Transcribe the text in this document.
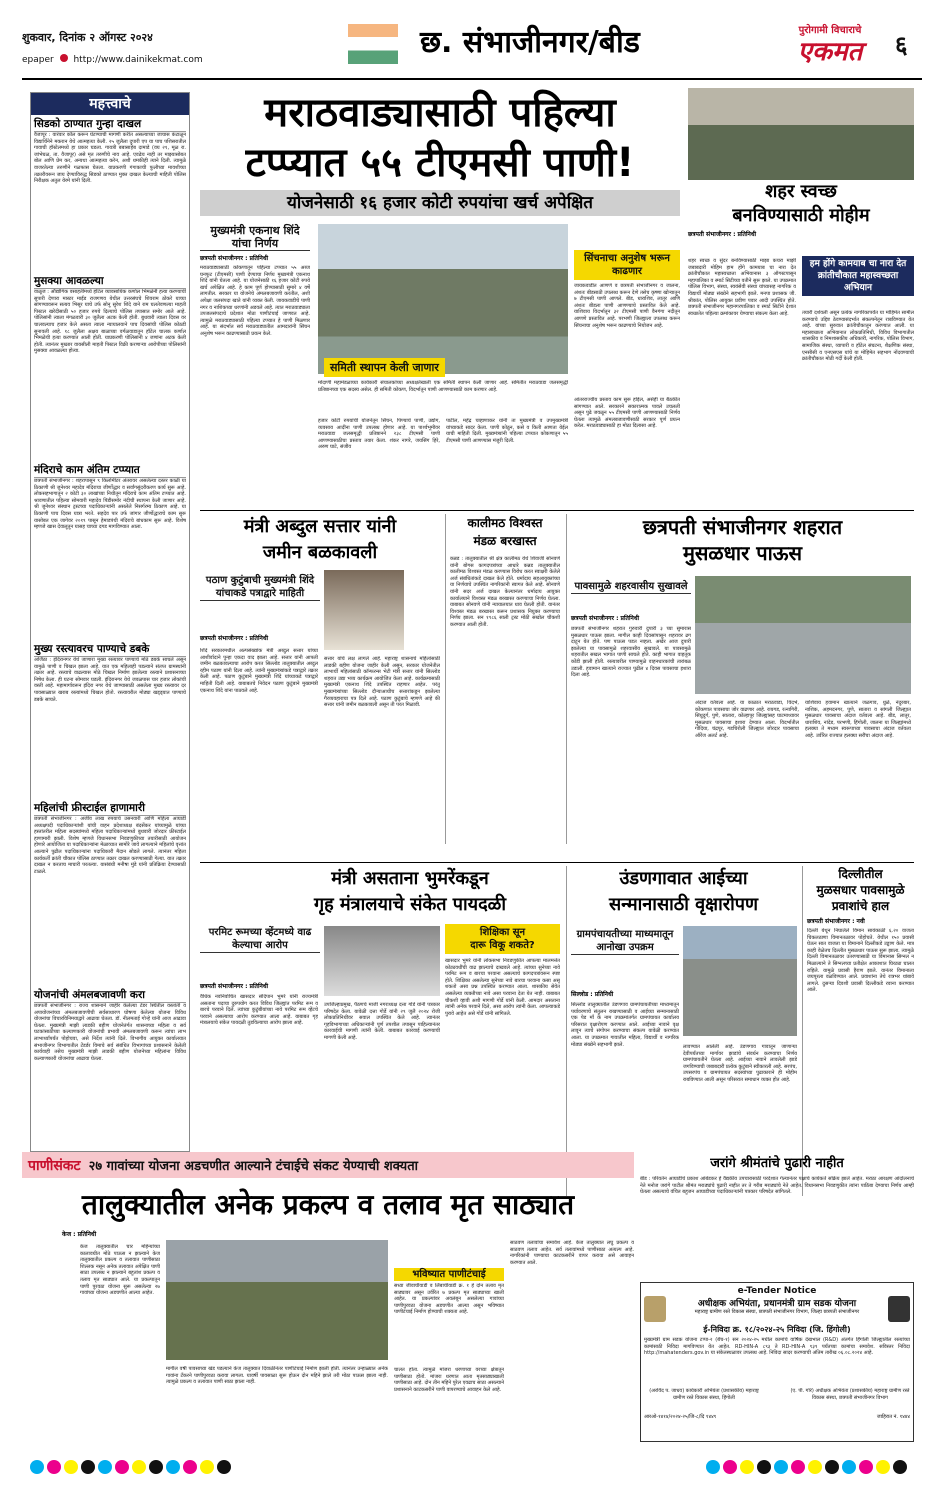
शुकवार, दिनांक २ ऑगस्ट २०२४
epaper http://www.dainikekmat.com	छ. संभाजीनगर/बीड	पुरोगामी विचाराचे
एकमत	६
महत्त्वाचे
सिडको ठाण्यात गुन्हा दाखल
वैजापूर : वारंवार कॉल करून घेटण्याची मागणी करीत असल्याच्या जाचास कंटाळून विद्यार्थिनेने मकरान येथे आत्महत्या केली. २५ जुलैला दुपारी एप या पाच पशिसरातील गावाची हॉस्टेलमध्ये हा प्रकार घडला. गायत्री बबासाहेब दामाडे (वय २१, मूळ रा. जांभेघळ, ता. वैजापूर) असे मृत तरुणीचे नाव आहे. एवढेच नाही तर माझ्यासोबत बोल आणि प्रेम कर, अन्यथा आत्महत्या करेन, अशी धमकीही त्याने दिली. त्यामुळे वाजरतेल्या तरुणीने गळफास घेतला. याप्रकरणी गंगाकाची फुलीच्या मावशीच्या तक्रारीवरून जाय देण्याविरुद्ध सिडको ठाण्यात मुक्त दाखल केल्याची माहिती पोलिस निरीक्षक अतुल येरमे यांनी दिली.
मुसक्या आवळल्या
वाळूज : औद्योगिक वसाहतीमध्ये हॉटेल व्यावसायिक कर्णाल भिमळेनी हत्या करण्याची सुपारी देणारा मास्टर माईंड राजगणव येथील उत्तरसंघचे शिवराम ठोकरे याच्या सांगण्यावरून सत्यव भिसूर याचे उर्फ सोनू सुरेश शिंदे याने राम घलतेवणल्या माहती पिस्टल खरेदीसाठी ५० हजार रुपये दिल्याचे पोलिस तपासात समोर आले आहे. पोलिसांनी त्याला मंगळवारी ३० जुलैला अटक केली होती. बुधवारी त्याला दिवस वर चालवल्याच हजार केले असता त्याला न्यायालयाने पाच दिवसांची पोलिस कोठडी सुनावली आहे. १८ जुलैला अक्षय बाळाच्या वर्गळवाडातुन हॉटेल चालक कर्णाल भिमळेची हत्या करण्यात आली होती. याप्रकरणी पोलिसांनी ४ जणांना अटक केली होती. त्यानंतर मुख्तार वायसीली माहती पिस्टल विक्री करणाऱ्या आरोपीच्या पोलिसांनी मुसक्या आवळल्या होत्या.
मंदिराचे काम अंतिम टप्प्यात
छत्रपती संभाजीनगर : शहरापासून ९ किलोमीटर अंतरावर असलेल्या दस्तर काळी या ठिकाणी श्री जुनेश्वर महादेव मंदिराचा जीर्णोद्धार व सर्वांगसुंदरीकरण कार्य सुरू आहे. लोकसहभागातून २ कोटी ३० लाखांच्या निधीतून मंदिराचे काम अंतिम टप्प्यात आहे. श्रावणातील पहिल्या सोमवारी महादेव पिंडीसमोर नंदीची स्थापना केली जाणार आहे. श्री जुनेश्वर संस्थान ट्रस्टच्या पदाधिकाऱ्यांनी असलेले निसर्गरम्य ठिकाण आहे. या ठिकाणी पाच दिवस यात्रा भरते. सहदेव पार उर्फ जांगार जीर्णोद्धाराचे काम सुरू यासोबत एक जागेवर २०१९ पासून हेमाडपंथी मंदिराचे बांधकाम सुरू आहे. विशेष म्हणजे खास देवालूतून यासह चाच्या दगड मागविण्यात आला.
मुख्य रस्त्यावरच पाण्याचे डबके
अजिंठा : इंदिरानगर येथे जाणारा मुख्य रस्त्यावर पाण्याचे मोठे डबके साचले असून यामुळे पाणी व चिखल झाला आहे. यात एक महिलाही पडल्याने संतप्त ग्रामस्थांनी तक्रार आहे. रस्त्याचे वाढल्यास मोठे चिखल निर्माण झालेल्या रस्त्याने प्रशासनाच्या निषेध केला. ही घटना सोमवार घडली. इंदिरानगर येथे जवळपास चार हजार लोकांची वस्ती आहे. महामार्गावरून इंदिरा नगर येथे जाण्यासाठी असलेला मुख्य रस्त्यावर दर पावसाळ्यात खराब रस्त्यांमध्ये चिखल होतो. रस्त्यावरील मोठ्या खड्ड्यात पाण्याचे डबके साचते.
महिलांची फ्रीस्टाईल हाणामारी
छत्रपती संभाजीनगर : अजीव लाख रुपयाचे उसनवारी आणि महिला आघाडी अध्यक्षपदी पदाधिकाऱ्यांशी यांची वाहन प्रदेशाध्यक्ष बंदसेंकर यांच्यामुळे यांच्या हस्तांतरील महिला सदस्यांमध्ये महिला पदाधिकाऱ्यांमध्ये बुधवारी जोरदार फ्रीस्टाईल हाणामारी झाली. विशेष म्हणजे विधानसभा निवडणुकीच्या तयारीसाठी आयोजन होणारे आयोजिता या पदाधिकाऱ्यांना मेळाव्यात सामोरे जावे लागल्याने महिलांचे वृत्तांत आल्याने पुढील पदाधिकाऱ्यांना पदाधिकारी मैदान सोडले लागले. त्यानंतर महिला कार्यकर्ती क्रांती चौकात पोलिस ठाण्यात तक्रार दाखल करण्यासाठी गेल्या. यात तक्रार दाखल न करताच माघारी परतल्या. यासंबंधी मनीषा मुंडे यांनी प्रतिक्रिया देण्यासाठी टाळले.
योजनांची अंमलबजावणी करा
छत्रपती संभाजीनगर : राज्य शासनाने जाहीर केलेल्या टेंडर स्थितील वस्तांती व अपायोजनांच्या अंमलबजावणीची सर्वसाधारण घोषणा केलेल्या योजना विविध योजनांचा विचारविनिमयाद्वारे आढावा घेतला. डॉ. नीलमताई गोऱ्हे यांनी आज आढावा घेतला. मुख्यमंत्री माझी लाडकी बहीण योजनेतंर्गत शासनाच्या महिला व सर्व घटकांसाठीच्या कल्याणकारी योजनांची प्रभावी अंमलबजावणी करून त्यांचा लाभ लाभार्थ्यांपर्यंत पोहोचवा, असे निर्देश त्यांनी दिले. विभागीय आयुक्त कार्यालयात संभाजीनगर विभागातील टेंडर्डर विमाचे सर्व संबंधित विभागांच्या प्रशासनाने केलेली कार्यवाही तसेच मुख्यमंत्री माझी लाडकी बहीण योजनेच्या महिलांना विविध कल्याणकारी योजनांचा आढावा घेतला.
मराठवाड्यासाठी पहिल्या
टप्प्यात ५५ टीएमसी पाणी!
योजनेसाठी १६ हजार कोटी रुपयांचा खर्च अपेक्षित
मुख्यमंत्री एकनाथ शिंदे यांचा निर्णय
छत्रपती संभाजीनगर : प्रतिनिधी
मराठवाड्यासाठी कोकणातून पहिल्या टप्प्यात ५५ अब्ज घनफूट (टीएमसी) पाणी देण्याचा निर्णय मुख्यमंत्री एकनाथ शिंदे यांनी घेतला आहे. या योजनेसाठी १६ हजार कोटी रुपये खर्च अपेक्षित आहे. हे काम पूर्ण होण्यासाठी सुमारे ४ वर्षे लागतील. सरकार या योजनेचे अंमलबजावणी करतील, अशी अपेक्षा जलसंपदा खाते यांनी व्यक्त केली. जायकवाडीचे पाणी नगर व नाशिकच्या धरणांनी अडवले आहे. त्यात मराठवाड्याला उपजलसंपदाचे प्रदेशात मोठा पाणीटंचाई जाणवत आहे. त्यामुळे मराठवाड्यासाठी पहिल्या टप्प्यात हे पाणी मिळणार आहे. या संदर्भात सर्व मराठवाड्यातील आमदारांनी सिंचन अनुशेष भरून काढण्यासाठी प्रयत्न केले.
समिती स्थापन केली जाणार
मोदाणी महामंडळाच्या कार्यकारी संचालकांच्या अध्यक्षतेखाली एक समिती स्थापन केली जाणार आहे. समितीत मराठवाडा जलसमृद्धी प्रतिष्ठानच्या एक सदस्य असेल. ही समिती कोकण, विदर्भातून पाणी आणण्यासाठी काम करणार आहे.
हजार कोटी रुपयांची योजनेतून सिंचन, पिण्याचे पाणी, उद्योग, व्यवसाय आदींना पाणी उपलब्ध होणार आहे. या पार्श्वभूमीवर मराठवाडा जलसमृद्धी प्रतिष्ठानने २३८ टीएमसी पाणी आणण्यासाठीचा प्रस्ताव तयार केला. शंकर नागरे, जयसिंग हिरे, अरुण घाटे, संजीव
पाटील, महेंद्र चव्हाणाकर यांनी ता मुख्यमंत्री व उपमुख्यमंत्री यांच्याकडे सादर केला. पाणी कोठून, कसे व किती आणता येईल याची माहिती दिली. मुख्यमंत्र्यांनी पहिल्या टप्प्यात कोकणातून ५५ टीएमसी पाणी आणण्यास मंजुरी दिली.
सिंचनाचा अनुशेष भरून काढणार
जायकवाडीत आणणे व छत्रपती संभाजीनगर व जालना, अंशतः बीडसाठी उपलब्ध करून देणे तसेच कृष्णा खोऱ्यातून ७ टीएमसी पाणी आणले. बीड, धाराशिव, लातूर आणि अंशतः बीडला पाणी आणण्याचे प्रस्तावित केले आहे. याशिवाय विदर्भातून ३२ टीएमसी पाणी वैनगंगा नदीतून आणणे प्रस्तावित आहे. परभणी जिल्ह्याला उपलब्ध करून सिंचनाचा अनुशेष भरून काढण्याचे नियोजन आहे.
आंतरराज्यीय प्रस्ताव काम सुरू होईल, असेही या बैठकीत सांगण्यात आले. सरकारने सकारात्मक पावले उचलली असून पुढे जवळून ५५ टीएमसी पाणी आणण्यासाठी निर्णय घेतला त्यामुळे अंमलबजावणीसाठी सरकार पूर्ण प्रयत्न करेल. मराठवाड्यासाठी हा मोठा दिलासा आहे.
शहर स्वच्छ
बनविण्यासाठी मोहीम
छत्रपती संभाजीनगर : प्रतिनिधी
शहर स्वच्छ व सुंदर बनविण्यासाठी माझा कचरा माझी जबाबदारी मोहिम हाम होंगे कामयाब चा नारा देत क्रांतीचौकात महास्वच्छता अभियानास ३ ऑगस्टपासून महापालिका व स्मार्ट सिटीच्या वतीने सुरू झाले. या उपक्रमात पोलिस विभाग, संस्था, स्वयंसेवी संस्था यांच्यासह नागरिक व विद्यार्थी मोठ्या संख्येने सहभागी झाले. मनपा प्रशासक जी. श्रीकांत, पोलिस आयुक्त प्रवीण पवार आदी उपस्थित होते. छत्रपती संभाजीनगर महानगरपालिका व स्मार्ट सिटीने देशात स्वच्छतेत पहिल्या क्रमांकावर येण्याचा संकल्प केला आहे.
हम होंगे कामयाब चा नारा देत क्रांतीचौकात महास्वच्छता अभियान
तयारी दर्शवली असून प्रत्येक नागरिकापर्यंत या मोहिमेत सामील करण्याचे उद्दिष्ट ठेवण्यासंदर्भात संकल्पनेतून राबविण्यात येत आहे. यांच्या सुरुवात क्रांतीचौकातून करण्यात आली. या महास्वच्छता अभियानात लोकप्रतिनिधी, विविध विभागातील शासकीय व निमशासकीय अधिकारी, नागरिक, पोलिस विभाग, सामाजिक संस्था, व्यापारी व हॉटेल संघटना, शैक्षणिक संस्था, एनसीसी व एनएसएस यांचे या मोहिमेत सहभाग नोंदवण्याची क्रांतीचौकात मोठी गर्दी केली होती.
मंत्री अब्दुल सत्तार यांनी
जमीन बळकावली
पठाण कुटुंबाची मुख्यमंत्री शिंदे यांचाकडे पत्राद्वारे माहिती
छत्रपती संभाजीनगर : प्रतिनिधी
शिंदे सरकारमधील अल्पसंख्यांक मंत्री अब्दुल सत्तार यांच्या आशीर्वादाने पुन्हा एकदा वाद झाला आहे. सत्तार यांनी आपली जमीन बळकावल्याचा आरोप करत सिल्लोड तालुक्यातील अब्दुल रहीम पठाण यांनी दिला आहे. त्यांनी मुख्यमंत्र्यांकडे पत्राद्वारे तक्रार केली आहे. पठाण कुटुंबाने मुख्यमंत्री शिंदे यांच्याकडे पत्राद्वारे माहिती दिली आहे. याबाबतचे निवेदन पठाण कुटुंबाने मुख्यमंत्री एकनाथ शिंदे यांना पाठवले आहे.
सत्तार यांचे लक्ष लागले आहे. महाराष्ट्र शासनाचे महिलांसाठी लाडकी बहीण योजना जाहीर केली असून, सरकार योजनेतील लाभार्थी महिलांसाठी कॉन्फरन्स भेटी मंत्री सत्तार यांनी सिल्लोड शहरात उद्या भव्य कार्यक्रम आयोजित केला आहे. कार्यक्रमासाठी मुख्यमंत्री एकनाथ शिंदे उपस्थित राहणार आहेत. परंतु मुख्यमंत्र्यांच्या सिल्लोड दौऱ्याआधीच सत्तारांकडून झालेल्या गैरव्यवहाराचा पत्र दिले आहे. पठाण कुटुंबाचे म्हणणे आहे की सत्तार यांनी जमीन बळकावली असून ती परत मिळावी.
कालीमठ विश्वस्त
मंडळ बरखास्त
कन्नड : तालुक्यातील श्री क्षेत्र कालीमठ येथे शिवाजी सोनवणे यांनी बोगस कागदपत्रांच्या आधारे कन्नड तालुक्यातील कालीमठ विश्वस्त मंडळ करण्यास विरोध करत स्वाक्षरी केलेले अर्ज संबंधितांकडे दाखल केले होते. धर्मादाय सहआयुक्तांच्या या निर्णयाचे उपस्थित नागरिकांनी स्वागत केले आहे. सोनवणे यांनी सदर अर्ज दाखल केल्यानंतर धर्मादाय आयुक्त कार्यालयाने विश्वस्त मंडळ बरखास्त करण्याचा निर्णय घेतला. याबाबत सोनवणे यांनी न्यायालयात धाव घेतली होती. यानंतर विश्वस्त मंडळ बरखास्त करून प्रशासक नियुक्त करण्याचा निर्णय झाला. सन १९८६ साली ट्रस्ट मोठी सखोल चौकशी करण्यात आली होती.
छत्रपती संभाजीनगर शहरात
मुसळधार पाऊस
पावसामुळे शहरवासीय सुखावले
छत्रपती संभाजीनगर : प्रतिनिधी
छत्रपती संभाजीनगर शहरात गुरुवारी दुपारी ३ च्या सुमारास मुसळधार पाऊस झाला. मागील काही दिवसांपासून शहरावर ढग दाटून येत होते. पण पाऊस पडत नव्हता. अखेर आज दुपारी झालेल्या या पावसामुळे शहरवासीय सुखावले. या पावसामुळे शहरातील सखल भागात पाणी साचले होते. काही भागात वाहतूक कोंडी झाली होती. रस्त्यावरील पाण्यामुळे वाहनधारकांची तारांबळ उडाली. हवामान खात्याने राज्यात पुढील ४ दिवस पावसाचा इशारा दिला आहे.
अंदाज वर्तवला आहे. या काळात मराठवाडा, विदर्भ, कोंकणात पावसाचा जोर वाढणार आहे. रायगड, रत्नागिरी, सिंधुदुर्ग, पुणे, सातारा, कोल्हापूर जिल्ह्यांसह घाटमाथ्यावर मुसळधार पावसाचा इशारा देण्यात आला. विदर्भातील गोंदिया, चंद्रपूर, गडचिरोली जिल्ह्यात जोरदार पावसाचा ऑरेंज अलर्ट आहे.
याशिवाय हवामान खात्याने जळगाव, धुळे, नंदुरबार, नाशिक, अहमदनगर, पुणे, सातारा व सांगली जिल्ह्यात मुसळधार पावसाचा अंदाज वर्तवला आहे. बीड, लातूर, धाराशिव, नांदेड, परभणी, हिंगोली, जालना या जिल्ह्यांमध्ये हलक्या ते मध्यम स्वरूपाच्या पावसाचा अंदाज वर्तवला आहे. उर्वरित राज्यात हलक्या सरींचा अंदाज आहे.
मंत्री असताना भुमरेंकडून
गृह मंत्रालयाचे संकेत पायदळी
परमिट रूमच्या व्हेंटमध्ये वाढ केल्याचा आरोप
छत्रपती संभाजीनगर : प्रतिनिधी
वैधिक नवनिर्वाचित खासदार संदिपान भुमरे यांनी राज्यमंत्री असताना पदाचा दुरुपयोग करत विविध जिल्ह्यांत परमिट रूम व बारचे परवाने दिले. त्यांच्या कुटुंबीयांच्या नावे परमिट रूम व्हेंटचे परवाने असल्याचा आरोप करण्यात आला आहे. याबाबत गृह मंत्रालयाचे संकेत पायदळी तुडविल्याचा आरोप झाला आहे.
उपजिल्हाप्रमुख, पैठणचे माजी नगराध्यक्ष दत्ता गोर्डे यांनी पत्रकार परिषदेत केला. यावेळी दत्ता गोर्डे यांनी २९ जुलै २०२४ रोजी लोकप्रतिनिधींवर सवाल उपस्थित केले आहे. त्यानंतर गृहविभागाच्या अधिकाऱ्यांनी पूर्ण तपशील तपासून पाहिल्यानंतर कारवाईची मागणी त्यांनी केली. याबाबत कारवाई करण्याची मागणी केली आहे.
शिक्षिका सून
दारू विकू शकते?
खासदार भुमरे यांनी लोकसभा निवडणुकीत आपल्या मालमत्तेत कोट्यवधींची वाढ झाल्याचे दाखवले आहे. त्यांच्या सुनेच्या नावे परमिट रूम व बारचा परवाना असल्याचे कागदपत्रांवरून स्पष्ट होते. शिक्षिका असलेल्या सुनेच्या नावे बारचा परवाना कसा असू शकतो असा प्रश्न उपस्थित करण्यात आला. शासकीय सेवेत असलेल्या व्यक्तीच्या नावे असा परवाना देता येत नाही. याबाबत चौकशी व्हावी अशी मागणी गोर्डे यांनी केली. आमदार असताना त्यांनी अनेक परवाने दिले, असा आरोप त्यांनी केला. आपल्याकडे पुरावे आहेत असे गोर्डे यांनी सांगितले.
उंडणगावात आईच्या
सन्मानासाठी वृक्षारोपण
ग्रामपंचायतीच्या माध्यमातून आनोखा उपक्रम
सिल्लोड : प्रतिनिधी
सिल्लोड तालुक्यातील उंडणगाव ग्रामपंचायतीच्या माध्यमातून पर्यावरणाचे संतुलन राखण्यासाठी व आईच्या सन्मानासाठी एक पेड माँ के नाम उपक्रमांतर्गत ग्रामपंचायत कार्यालय परिसरात वृक्षारोपण करण्यात आले. आईच्या नावाने वृक्ष लावून त्याचे संगोपन करण्याचा संकल्प यावेळी करण्यात आला. या उपक्रमात गावातील महिला, विद्यार्थी व नागरिक मोठ्या संख्येने सहभागी झाले.	लावण्यात आलेली आहे. उंडणगाव गावातून जाणाऱ्या देवीपर्यंतच्या मार्गावर झाडांचे संवर्धन करण्याचा निर्णय ग्रामपंचायतीने घेतला आहे. आईच्या नावाने लावलेली झाडे जगविण्याची जबाबदारी प्रत्येक कुटुंबाने स्वीकारली आहे. सरपंच, उपसरपंच व ग्रामपंचायत सदस्यांच्या पुढाकाराने ही मोहीम राबविण्यात आली असून परिसरात समाधान व्यक्त होत आहे.
दिल्लीतील
मुळसधार पावसामुळे
प्रवाशांचे हाल
छत्रपती संभाजीनगर : नवी
दिल्ली येथून निघालेले विमान सायंकाळी ६.२० वाजता चिकलठाणा विमानतळावर पोहोचते. येथील १५० प्रवासी घेऊन सात वाजता या विमानाने दिल्लीकडे उड्डाण केले. मात्र काही वेळेतच दिल्लीत मुसळधार पाऊस सुरू झाला. त्यामुळे दिल्ली विमानतळावर उतरण्यासाठी या विमानास सिग्नल न मिळाल्याने ते सिग्नलच्या प्रतीक्षेत आकाशात घिरट्या घालत राहिले. यामुळे प्रवासी हैराण झाले. यानंतर विमानाला जयपूरला वळविण्यात आले. प्रवाशांना तेथे रात्रभर थांबावे लागले. दुसऱ्या दिवशी प्रवासी दिल्लीकडे रवाना करण्यात आले.
पाणीसंकट २७ गावांच्या योजना अडचणीत आल्याने टंचाईचे संकट येण्याची शक्यता
तालुक्यातील अनेक प्रकल्प व तलाव मृत साठ्यात
केज : प्रतिनिधी
केज तालुक्यातील चार महिन्यांच्या कालावधीत मोठे पाऊस न झाल्याने केज तालुक्यातील प्रकल्प व तलावात पाणीसाठा शिल्लक नसून अनेक तलावात अपेक्षित पाणी साठा उपलब्ध न झाल्याने बहुतांश प्रकल्प व तलाव मृत साठ्यात आले. या प्रकल्पातून पाणी पुरवठा योजना सुरू असलेल्या २७ गावांच्या योजना अडचणीत आल्या आहेत.
मागील वर्षी पावसाच्या खंड पडल्याने केज तालुक्यात दिवाळीनंतर पाणीटंचाई निर्माण झाली होती. त्यानंतर उन्हाळ्यात अनेक गावांना टँकरने पाणीपुरवठा करावा लागला. यावर्षी पावसाळा सुरू होऊन दोन महिने झाले तरी मोठा पाऊस झाला नाही. त्यामुळे प्रकल्प व तलावात पाणी साठा झाला नाही.
भविष्यात पाणीटंचाई
सध्या जीवाचीवाडी व लिंबाचीवाडी क्र. १ हे दोन तलाव मृत साठ्यावर असून उर्वरित ७ प्रकल्प मृत साठ्याच्या खाली आहेत. या प्रकल्पांवर अवलंबून असलेल्या गावांच्या पाणीपुरवठा योजना अडचणीत आल्या असून भविष्यात पाणीटंचाई निर्माण होण्याची शक्यता आहे.
चालत होता. त्यामुळे मांजरा धरणाच्या वरच्या क्षेत्रातून पाणीसाठा होतो. मांजरा धरणात आता मृतसाठ्याखाली पाणीसाठा आहे. दोन तीन महिने पुरेल एवढाच साठा असल्याने प्रशासनाने काटकसरीने पाणी वापरण्याचे आवाहन केले आहे.
साठवण तलावांचा समावेश आहे. केज तालुक्यात लघु प्रकल्प व साठवण तलाव आहेत. सर्व तलावांमध्ये पाणीसाठा अत्यल्प आहे. नागरिकांनी पाण्याचा काटकसरीने वापर करावा असे आवाहन करण्यात आले.
जरांगे श्रीमंतांचे पुढारी नाहीत
बीड : परिवर्तन आघाडीचे प्रकाश आंबेडकर हे वैद्यकीय उपचारासाठी परदेशात गेल्यानंतर पक्षाचे कार्यकर्ते सक्रिय झाले आहेत. मराठा आरक्षण आंदोलनाचे नेते मनोज जरांगे पाटील श्रीमंत मराठ्यांचे पुढारी नाहीत तर ते गरीब मराठ्यांचे नेते आहेत. विधानसभा निवडणुकीत त्यांना पाठिंबा देण्याचा निर्णय आम्ही घेतला असल्याचे वंचित बहुजन आघाडीच्या पदाधिकाऱ्यांनी पत्रकार परिषदेत सांगितले.
e-Tender Notice
अधीक्षक अभियंता, प्रधानमंत्री ग्राम सडक योजना
महाराष्ट्र ग्रामीण रस्ते विकास संस्था, छत्रपती संभाजीनगर विभाग, जिल्हा छत्रपती संभाजीनगर
ई-निविदा क्र. १८/२०२४-२५ निविदा (जि. हिंगोली)
मुख्यमंत्री ग्राम सडक योजना टप्पा-२ (बॅच-१) सन २०२४-२५ मधील कामांचे वार्षिक देखभाल (R&D) अंतर्गत हिंगोली जिल्ह्यातील रस्त्यांच्या कामांसाठी निविदा मागविण्यात येत आहेत. RD-HIN-A ८९३ ते RD-HIN-A ९३९ पर्यंतच्या कामांचा समावेश. सविस्तर निविदा http://mahatenders.gov.in या संकेतस्थळावर उपलब्ध आहे. निविदा सादर करण्याची अंतिम तारीख ०६.०८.२०२४ आहे.
(अरविंद प. जाधव) कार्यकारी अभियंता (प्रशासकीय) महाराष्ट्र ग्रामीण रस्ते विकास संस्था, हिंगोली
(ए. पी. गोरे) अधीक्षक अभियंता (प्रशासकीय) महाराष्ट्र ग्रामीण रस्ते विकास संस्था, छत्रपती संभाजीनगर विभाग
आरओ-१४१४/२०२४-२५/जि-८/दि १४४९	जाहिरात नं. १४४४
